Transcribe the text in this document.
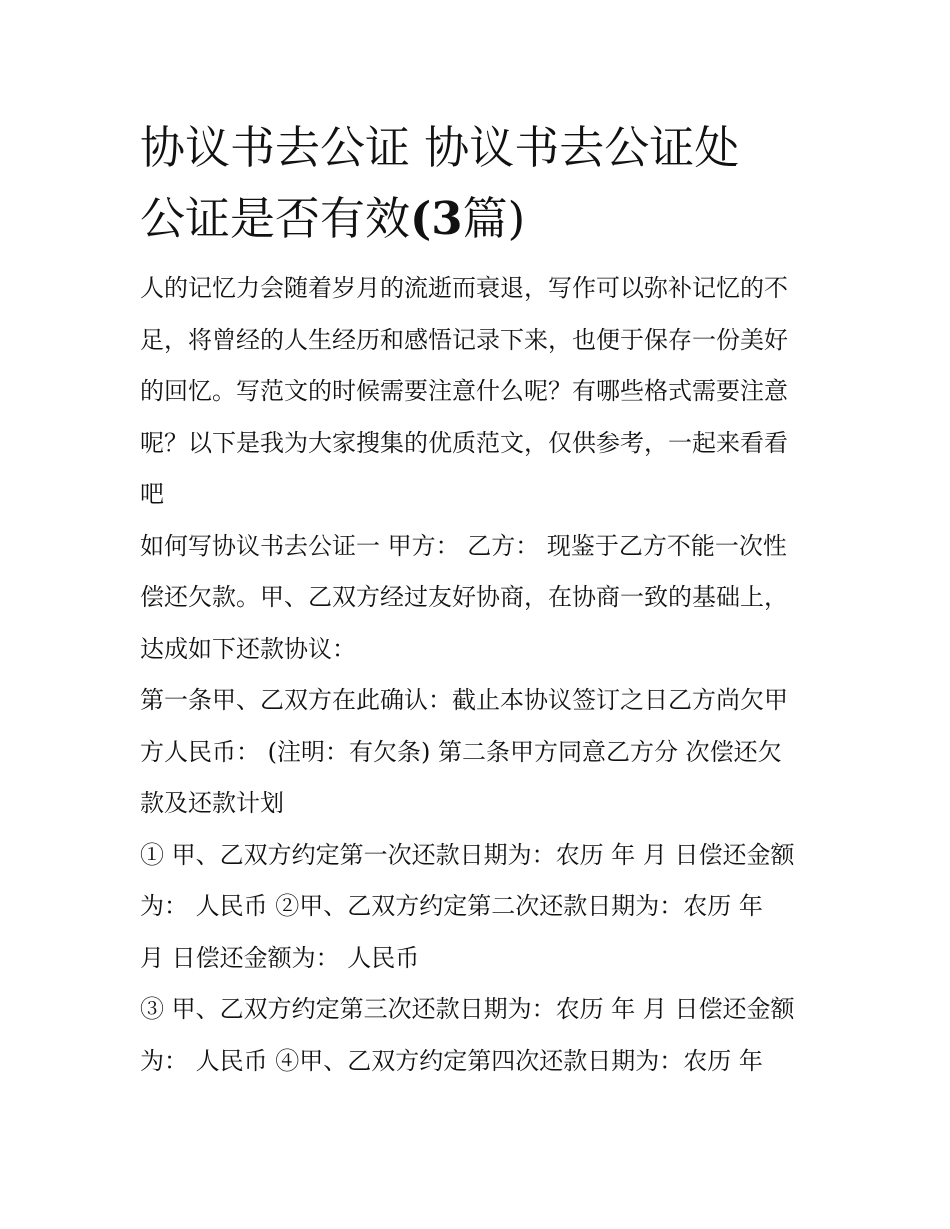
协议书去公证 协议书去公证处
公证是否有效(3篇)

人的记忆力会随着岁月的流逝而衰退，写作可以弥补记忆的不
足，将曾经的人生经历和感悟记录下来，也便于保存一份美好
的回忆。写范文的时候需要注意什么呢？有哪些格式需要注意
呢？以下是我为大家搜集的优质范文，仅供参考，一起来看看
吧

如何写协议书去公证一 甲方： 乙方： 现鉴于乙方不能一次性
偿还欠款。甲、乙双方经过友好协商，在协商一致的基础上，
达成如下还款协议：

第一条甲、乙双方在此确认：截止本协议签订之日乙方尚欠甲
方人民币： (注明：有欠条) 第二条甲方同意乙方分 次偿还欠
款及还款计划

① 甲、乙双方约定第一次还款日期为：农历 年 月 日偿还金额
为： 人民币 ②甲、乙双方约定第二次还款日期为：农历 年
月 日偿还金额为： 人民币

③ 甲、乙双方约定第三次还款日期为：农历 年 月 日偿还金额
为： 人民币 ④甲、乙双方约定第四次还款日期为：农历 年
